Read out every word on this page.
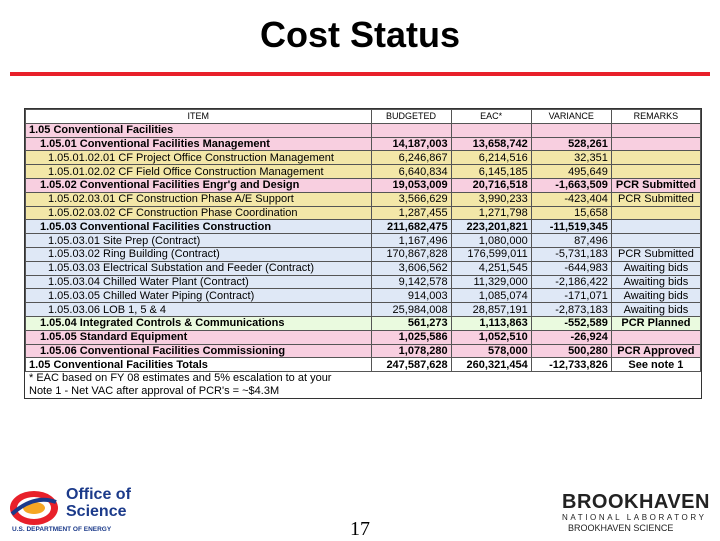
Cost Status
ITEM	BUDGETED	EAC*	VARIANCE	REMARKS
1.05 Conventional Facilities				
1.05.01 Conventional Facilities Management	14,187,003	13,658,742	528,261	
1.05.01.02.01 CF Project Office Construction Management	6,246,867	6,214,516	32,351	
1.05.01.02.02 CF Field Office Construction Management	6,640,834	6,145,185	495,649	
1.05.02 Conventional Facilities Engr'g and Design	19,053,009	20,716,518	-1,663,509	PCR Submitted
1.05.02.03.01 CF Construction Phase A/E Support	3,566,629	3,990,233	-423,404	PCR Submitted
1.05.02.03.02 CF Construction Phase Coordination	1,287,455	1,271,798	15,658	
1.05.03 Conventional Facilities Construction	211,682,475	223,201,821	-11,519,345	
1.05.03.01 Site Prep (Contract)	1,167,496	1,080,000	87,496	
1.05.03.02 Ring Building (Contract)	170,867,828	176,599,011	-5,731,183	PCR Submitted
1.05.03.03 Electrical Substation and Feeder (Contract)	3,606,562	4,251,545	-644,983	Awaiting bids
1.05.03.04 Chilled Water Plant (Contract)	9,142,578	11,329,000	-2,186,422	Awaiting bids
1.05.03.05 Chilled Water Piping (Contract)	914,003	1,085,074	-171,071	Awaiting bids
1.05.03.06 LOB 1, 5 & 4	25,984,008	28,857,191	-2,873,183	Awaiting bids
1.05.04 Integrated Controls & Communications	561,273	1,113,863	-552,589	PCR Planned
1.05.05 Standard Equipment	1,025,586	1,052,510	-26,924	
1.05.06 Conventional Facilities Commissioning	1,078,280	578,000	500,280	PCR Approved
1.05 Conventional Facilities Totals	247,587,628	260,321,454	-12,733,826	See note 1
* EAC based on FY 08 estimates and 5% escalation to at your
Note 1 - Net VAC after approval of PCR's = ~$4.3M
Office of
Science
U.S. DEPARTMENT OF ENERGY	17
BROOKHAVEN
NATIONAL LABORATORY
BROOKHAVEN SCIENCE
